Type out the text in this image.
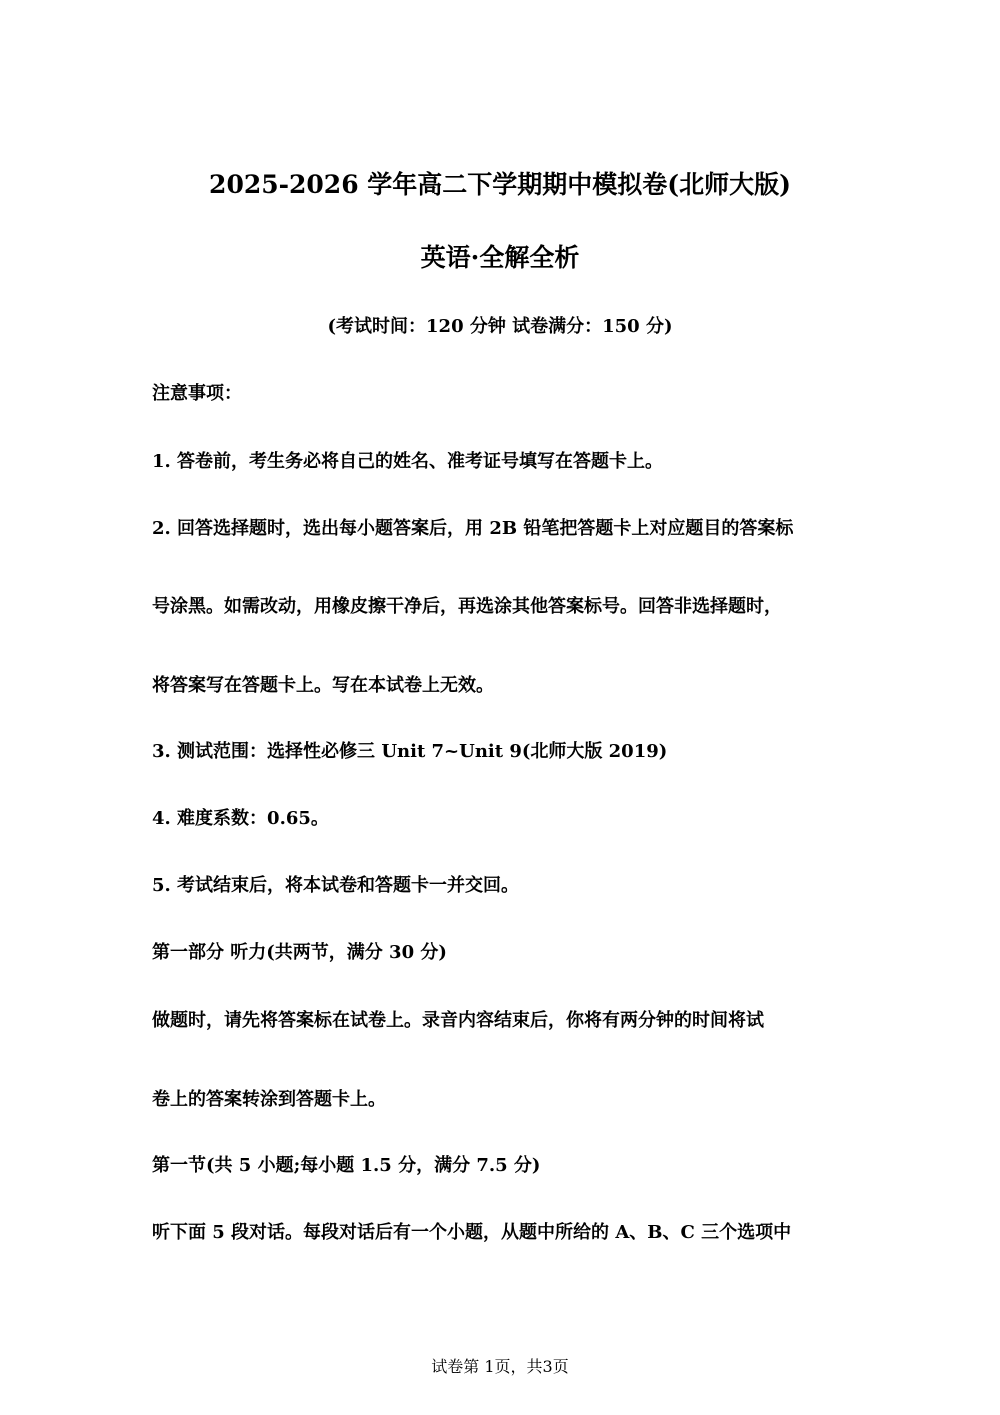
2025-2026 学年高二下学期期中模拟卷(北师大版)
英语·全解全析
(考试时间：120 分钟 试卷满分：150 分)
注意事项：
1. 答卷前，考生务必将自己的姓名、准考证号填写在答题卡上。
2. 回答选择题时，选出每小题答案后，用 2B 铅笔把答题卡上对应题目的答案标
号涂黑。如需改动，用橡皮擦干净后，再选涂其他答案标号。回答非选择题时，
将答案写在答题卡上。写在本试卷上无效。
3. 测试范围：选择性必修三 Unit 7~Unit 9(北师大版 2019)
4. 难度系数：0.65。
5. 考试结束后，将本试卷和答题卡一并交回。
第一部分 听力(共两节，满分 30 分)
做题时，请先将答案标在试卷上。录音内容结束后，你将有两分钟的时间将试
卷上的答案转涂到答题卡上。
第一节(共 5 小题;每小题 1.5 分，满分 7.5 分)
听下面 5 段对话。每段对话后有一个小题，从题中所给的 A、B、C 三个选项中
试卷第 1页，共3页
